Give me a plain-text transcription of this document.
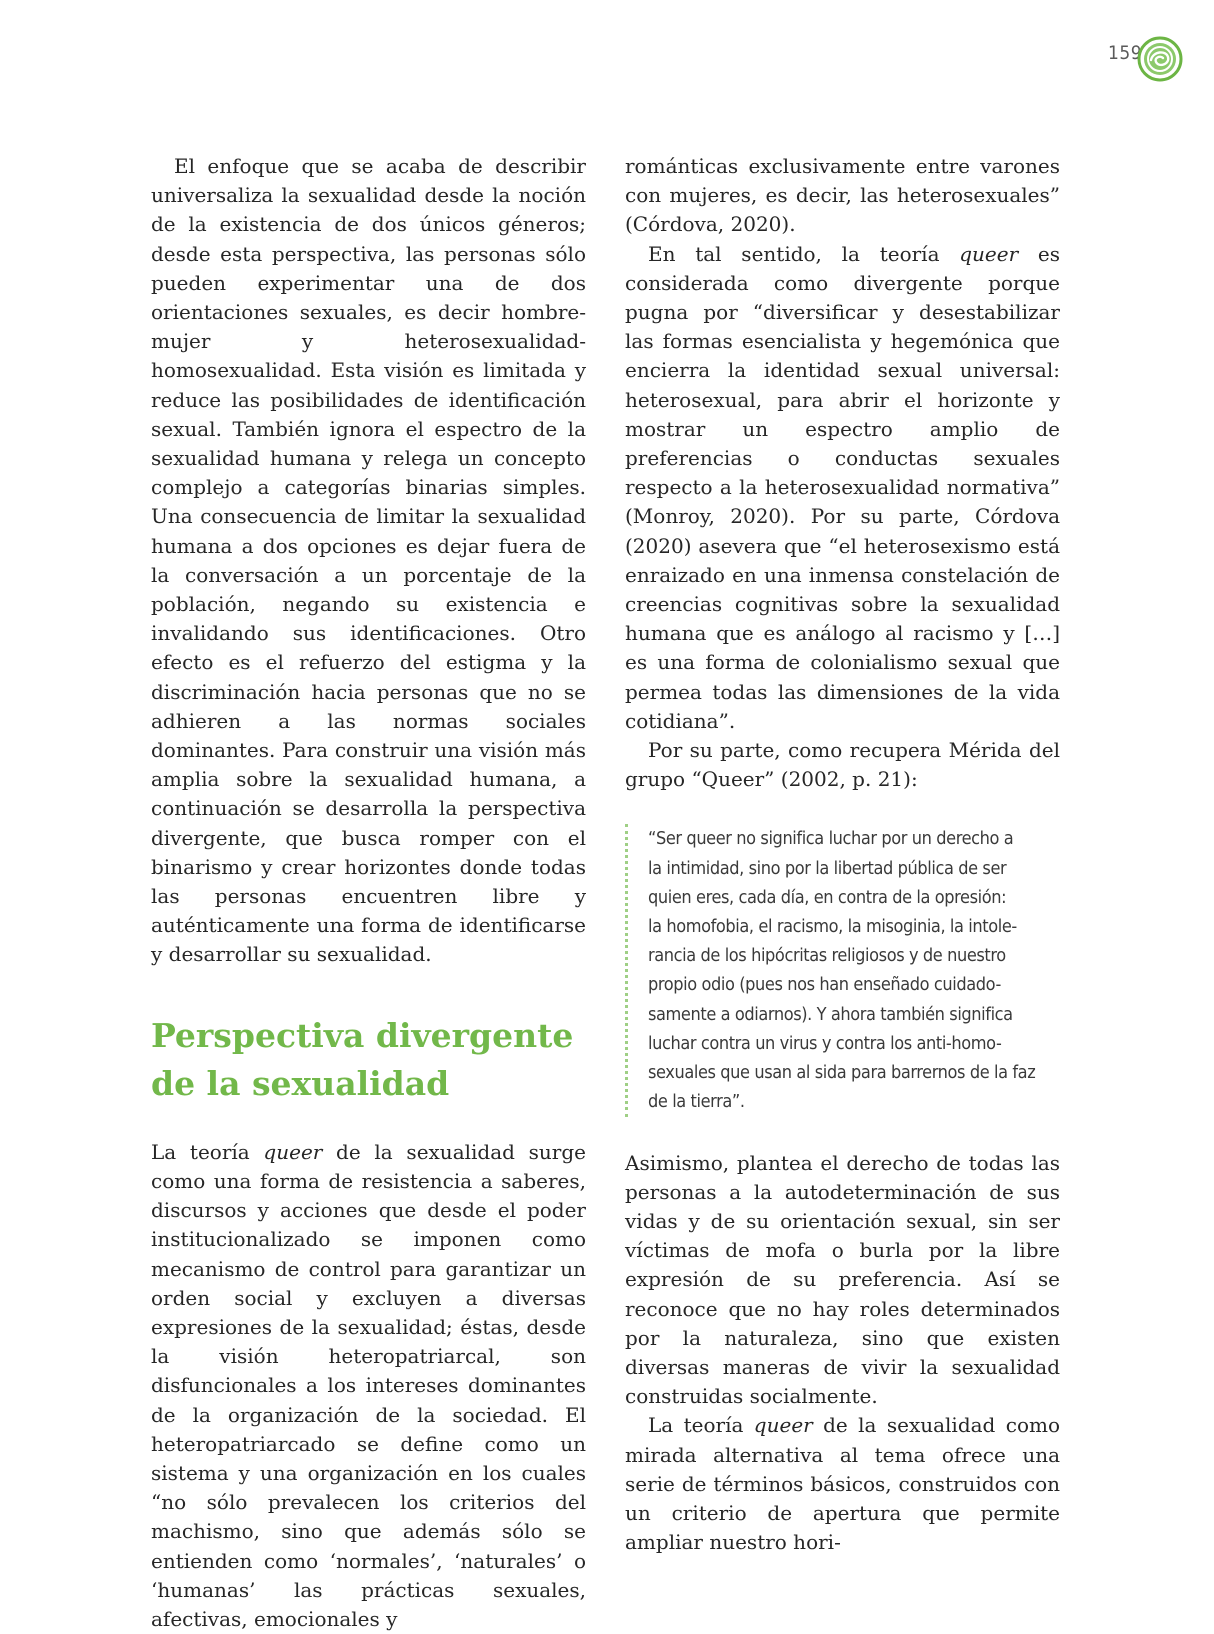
159

El enfoque que se acaba de describir universaliza la sexualidad desde la noción de la existencia de dos únicos géneros; desde esta perspectiva, las personas sólo pueden experimentar una de dos orientaciones sexuales, es decir hombre-mujer y heterosexualidad-homosexualidad. Esta visión es limitada y reduce las posibilidades de identificación sexual. También ignora el espectro de la sexualidad humana y relega un concepto complejo a categorías binarias simples. Una consecuencia de limitar la sexualidad humana a dos opciones es dejar fuera de la conversación a un porcentaje de la población, negando su existencia e invalidando sus identificaciones. Otro efecto es el refuerzo del estigma y la discriminación hacia personas que no se adhieren a las normas sociales dominantes. Para construir una visión más amplia sobre la sexualidad humana, a continuación se desarrolla la perspectiva divergente, que busca romper con el binarismo y crear horizontes donde todas las personas encuentren libre y auténticamente una forma de identificarse y desarrollar su sexualidad.

Perspectiva divergente
de la sexualidad

La teoría queer de la sexualidad surge como una forma de resistencia a saberes, discursos y acciones que desde el poder institucionalizado se imponen como mecanismo de control para garantizar un orden social y excluyen a diversas expresiones de la sexualidad; éstas, desde la visión heteropatriarcal, son disfuncionales a los intereses dominantes de la organización de la sociedad. El heteropatriarcado se define como un sistema y una organización en los cuales “no sólo prevalecen los criterios del machismo, sino que además sólo se entienden como ‘normales’, ‘naturales’ o ‘humanas’ las prácticas sexuales, afectivas, emocionales y

románticas exclusivamente entre varones con mujeres, es decir, las heterosexuales” (Córdova, 2020).

En tal sentido, la teoría queer es considerada como divergente porque pugna por “diversificar y desestabilizar las formas esencialista y hegemónica que encierra la identidad sexual universal: heterosexual, para abrir el horizonte y mostrar un espectro amplio de preferencias o conductas sexuales respecto a la heterosexualidad normativa” (Monroy, 2020). Por su parte, Córdova (2020) asevera que “el heterosexismo está enraizado en una inmensa constelación de creencias cognitivas sobre la sexualidad humana que es análogo al racismo y […] es una forma de colonialismo sexual que permea todas las dimensiones de la vida cotidiana”.

Por su parte, como recupera Mérida del grupo “Queer” (2002, p. 21):

“Ser queer no significa luchar por un derecho a
la intimidad, sino por la libertad pública de ser
quien eres, cada día, en contra de la opresión:
la homofobia, el racismo, la misoginia, la intole-
rancia de los hipócritas religiosos y de nuestro
propio odio (pues nos han enseñado cuidado-
samente a odiarnos). Y ahora también significa
luchar contra un virus y contra los anti-homo-
sexuales que usan al sida para barrernos de la faz
de la tierra”.

Asimismo, plantea el derecho de todas las personas a la autodeterminación de sus vidas y de su orientación sexual, sin ser víctimas de mofa o burla por la libre expresión de su preferencia. Así se reconoce que no hay roles determinados por la naturaleza, sino que existen diversas maneras de vivir la sexualidad construidas socialmente.

La teoría queer de la sexualidad como mirada alternativa al tema ofrece una serie de términos básicos, construidos con un criterio de apertura que permite ampliar nuestro hori-
